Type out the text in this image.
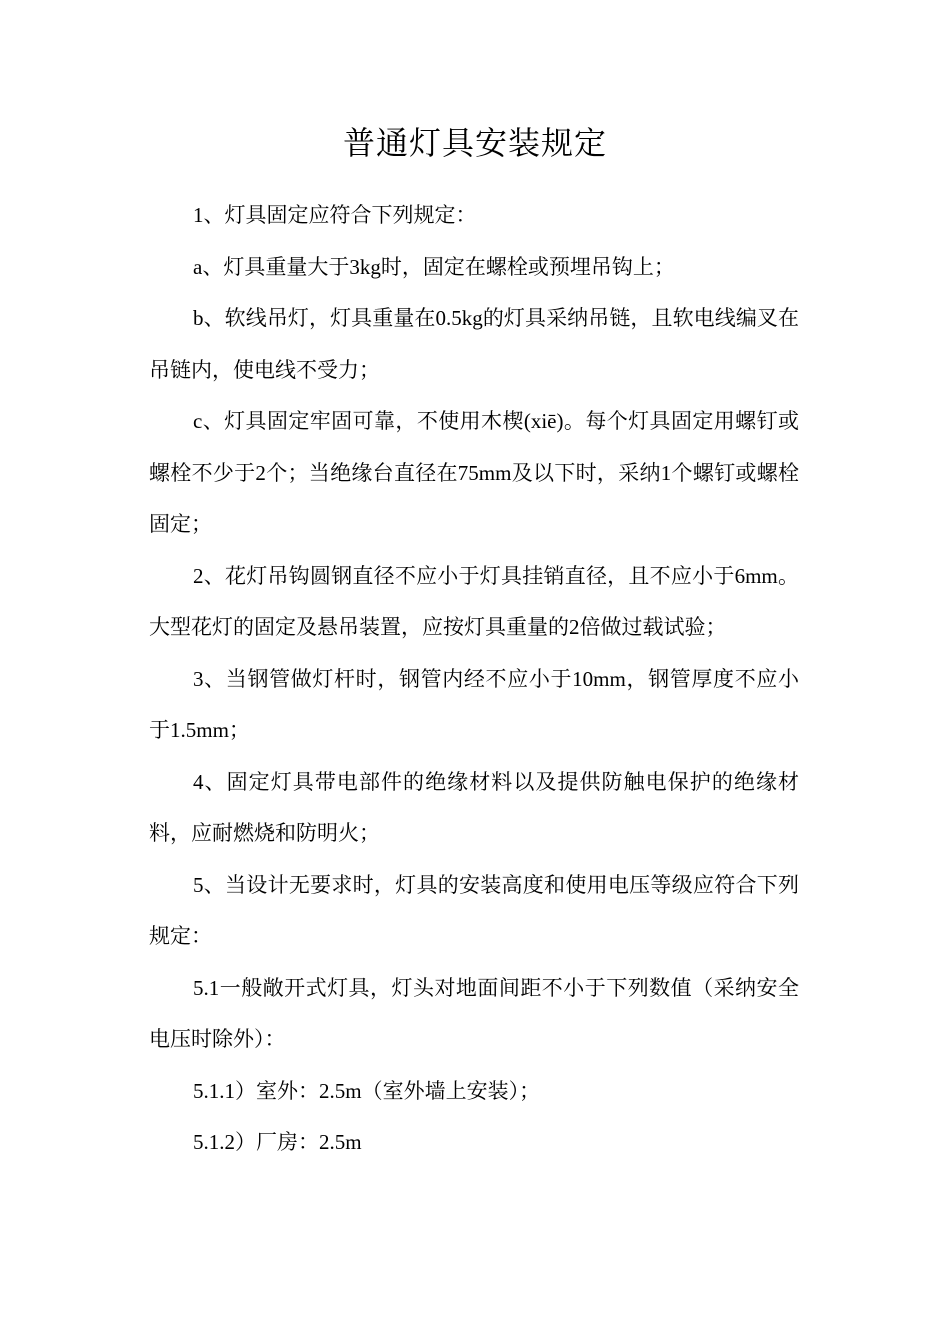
普通灯具安装规定

1、灯具固定应符合下列规定：

a、灯具重量大于3kg时，固定在螺栓或预埋吊钩上；

b、软线吊灯，灯具重量在0.5kg的灯具采纳吊链，且软电线编叉在吊链内，使电线不受力；

c、灯具固定牢固可靠，不使用木楔(xiē)。每个灯具固定用螺钉或螺栓不少于2个；当绝缘台直径在75mm及以下时，采纳1个螺钉或螺栓固定；

2、花灯吊钩圆钢直径不应小于灯具挂销直径，且不应小于6mm。大型花灯的固定及悬吊装置，应按灯具重量的2倍做过载试验；

3、当钢管做灯杆时，钢管内经不应小于10mm，钢管厚度不应小于1.5mm；

4、固定灯具带电部件的绝缘材料以及提供防触电保护的绝缘材料，应耐燃烧和防明火；

5、当设计无要求时，灯具的安装高度和使用电压等级应符合下列规定：

5.1一般敞开式灯具，灯头对地面间距不小于下列数值（采纳安全电压时除外）：

5.1.1）室外：2.5m（室外墙上安装）；

5.1.2）厂房：2.5m
